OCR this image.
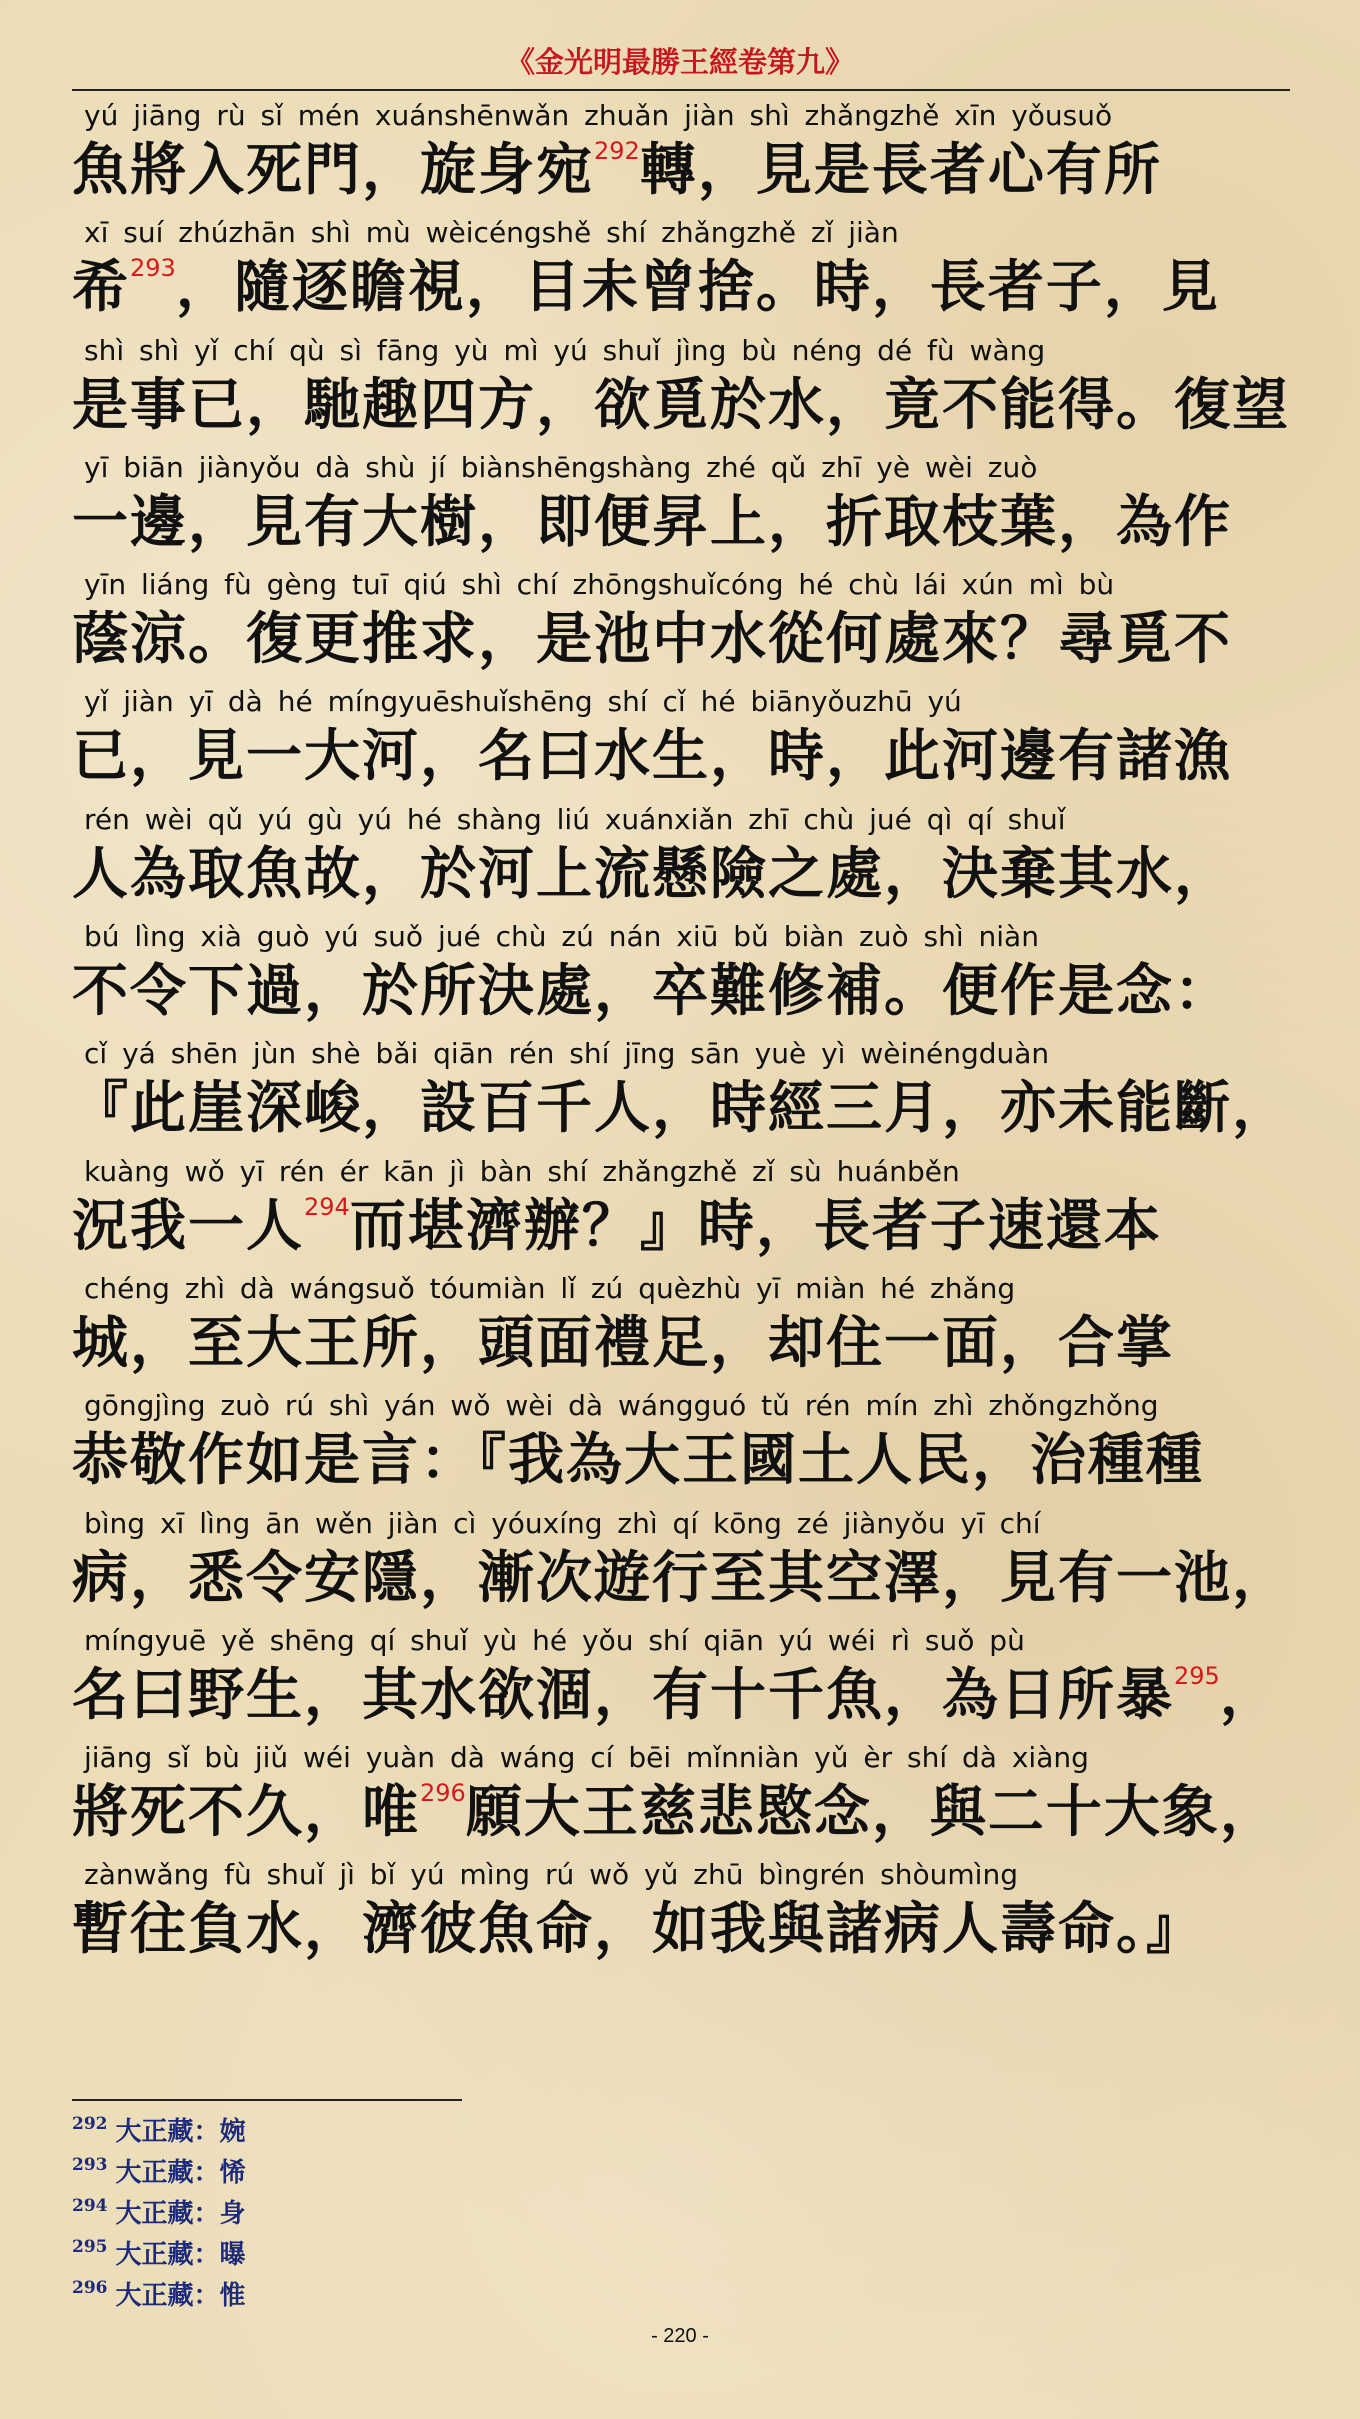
《金光明最勝王經卷第九》
yú jiāng rù sǐ mén xuánshēnwǎn zhuǎn jiàn shì zhǎngzhě xīn yǒusuǒ
魚將入死門，旋身宛$^{292}$轉，見是長者心有所
xī suí zhúzhān shì mù wèicéngshě shí zhǎngzhě zǐ jiàn
希$^{293}$，隨逐瞻視，目未曾捨。時，長者子，見
shì shì yǐ chí qù sì fāng yù mì yú shuǐ jìng bù néng dé fù wàng
是事已，馳趣四方，欲覓於水，竟不能得。復望
yī biān jiànyǒu dà shù jí biànshēngshàng zhé qǔ zhī yè wèi zuò
一邊，見有大樹，即便昇上，折取枝葉，為作
yīn liáng fù gèng tuī qiú shì chí zhōngshuǐcóng hé chù lái xún mì bù
蔭涼。復更推求，是池中水從何處來？尋覓不
yǐ jiàn yī dà hé míngyuēshuǐshēng shí cǐ hé biānyǒuzhū yú
已，見一大河，名曰水生，時，此河邊有諸漁
rén wèi qǔ yú gù yú hé shàng liú xuánxiǎn zhī chù jué qì qí shuǐ
人為取魚故，於河上流懸險之處，決棄其水，
bú lìng xià guò yú suǒ jué chù zú nán xiū bǔ biàn zuò shì niàn
不令下過，於所決處，卒難修補。便作是念：
cǐ yá shēn jùn shè bǎi qiān rén shí jīng sān yuè yì wèinéngduàn
『此崖深峻，設百千人，時經三月，亦未能斷，
kuàng wǒ yī rén ér kān jì bàn shí zhǎngzhě zǐ sù huánběn
況我一人$^{294}$而堪濟辦？』時，長者子速還本
chéng zhì dà wángsuǒ tóumiàn lǐ zú quèzhù yī miàn hé zhǎng
城，至大王所，頭面禮足，却住一面，合掌
gōngjìng zuò rú shì yán wǒ wèi dà wángguó tǔ rén mín zhì zhǒngzhǒng
恭敬作如是言：『我為大王國土人民，治種種
bìng xī lìng ān wěn jiàn cì yóuxíng zhì qí kōng zé jiànyǒu yī chí
病，悉令安隱，漸次遊行至其空澤，見有一池，
míngyuē yě shēng qí shuǐ yù hé yǒu shí qiān yú wéi rì suǒ pù
名曰野生，其水欲涸，有十千魚，為日所暴$^{295}$，
jiāng sǐ bù jiǔ wéi yuàn dà wáng cí bēi mǐnniàn yǔ èr shí dà xiàng
將死不久，唯$^{296}$願大王慈悲愍念，與二十大象，
zànwǎng fù shuǐ jì bǐ yú mìng rú wǒ yǔ zhū bìngrén shòumìng
暫往負水，濟彼魚命，如我與諸病人壽命。』
$^{292}$ 大正藏：婉
$^{293}$ 大正藏：悕
$^{294}$ 大正藏：身
$^{295}$ 大正藏：曝
$^{296}$ 大正藏：惟
- 220 -
